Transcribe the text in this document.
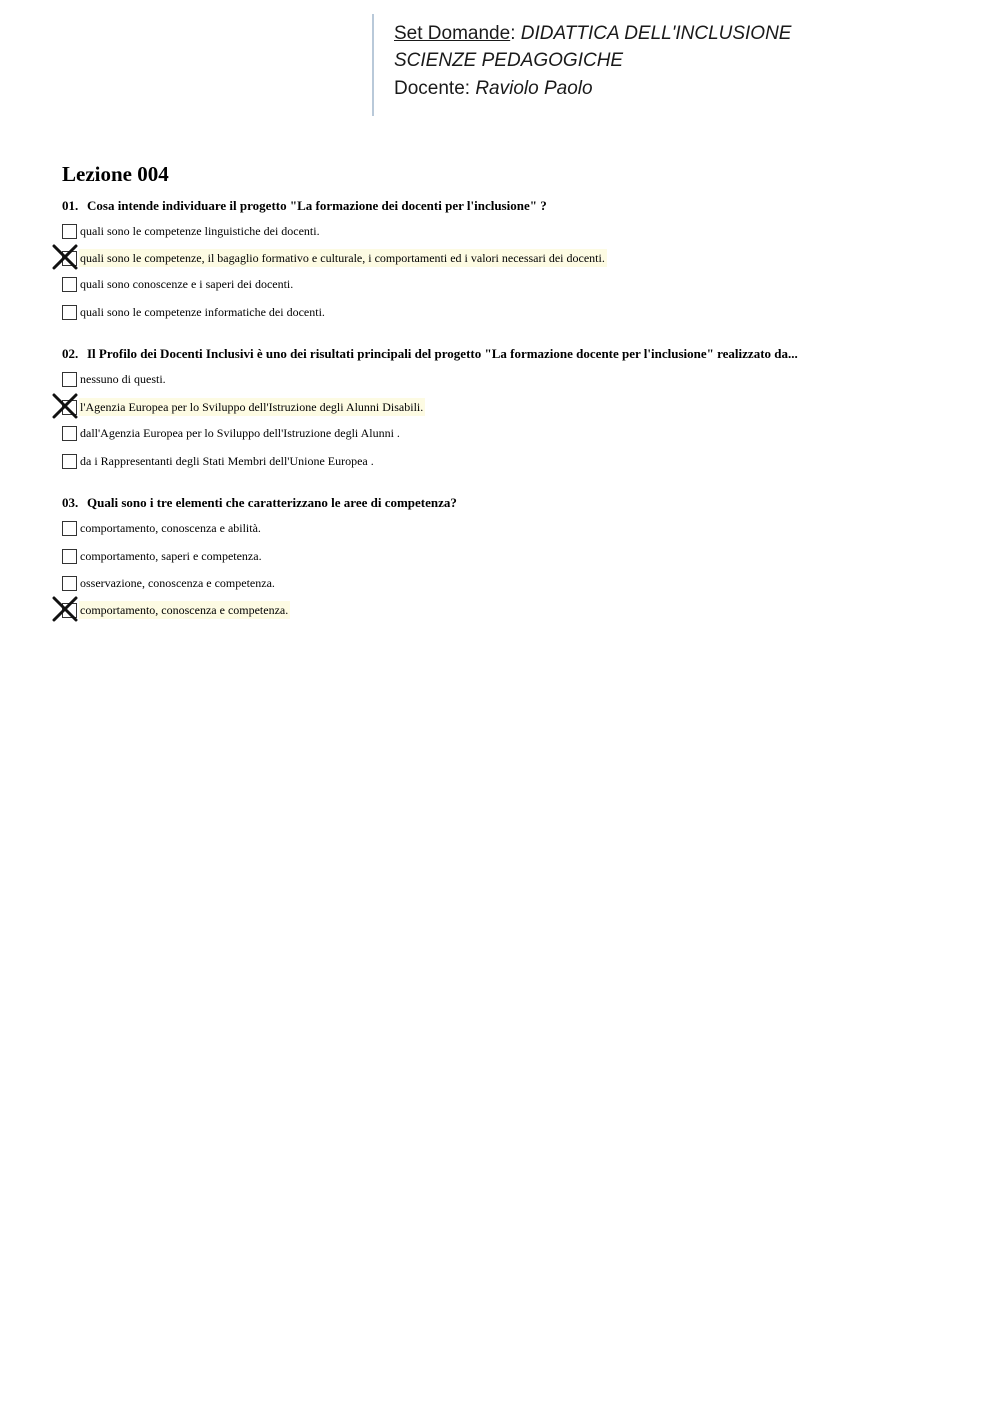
Set Domande: DIDATTICA DELL'INCLUSIONE
SCIENZE PEDAGOGICHE
Docente: Raviolo Paolo
Lezione 004
01. Cosa intende individuare il progetto "La formazione dei docenti per l'inclusione" ?
quali sono le competenze linguistiche dei docenti.
quali sono le competenze, il bagaglio formativo e culturale, i comportamenti ed i valori necessari dei docenti.
quali sono conoscenze e i saperi dei docenti.
quali sono le competenze informatiche dei docenti.
02. Il Profilo dei Docenti Inclusivi è uno dei risultati principali del progetto "La formazione docente per l'inclusione" realizzato da...
nessuno di questi.
l'Agenzia Europea per lo Sviluppo dell'Istruzione degli Alunni Disabili.
dall'Agenzia Europea per lo Sviluppo dell'Istruzione degli Alunni .
da i Rappresentanti degli Stati Membri dell'Unione Europea .
03. Quali sono i tre elementi che caratterizzano le aree di competenza?
comportamento, conoscenza e abilità.
comportamento, saperi e competenza.
osservazione, conoscenza e competenza.
comportamento, conoscenza e competenza.
